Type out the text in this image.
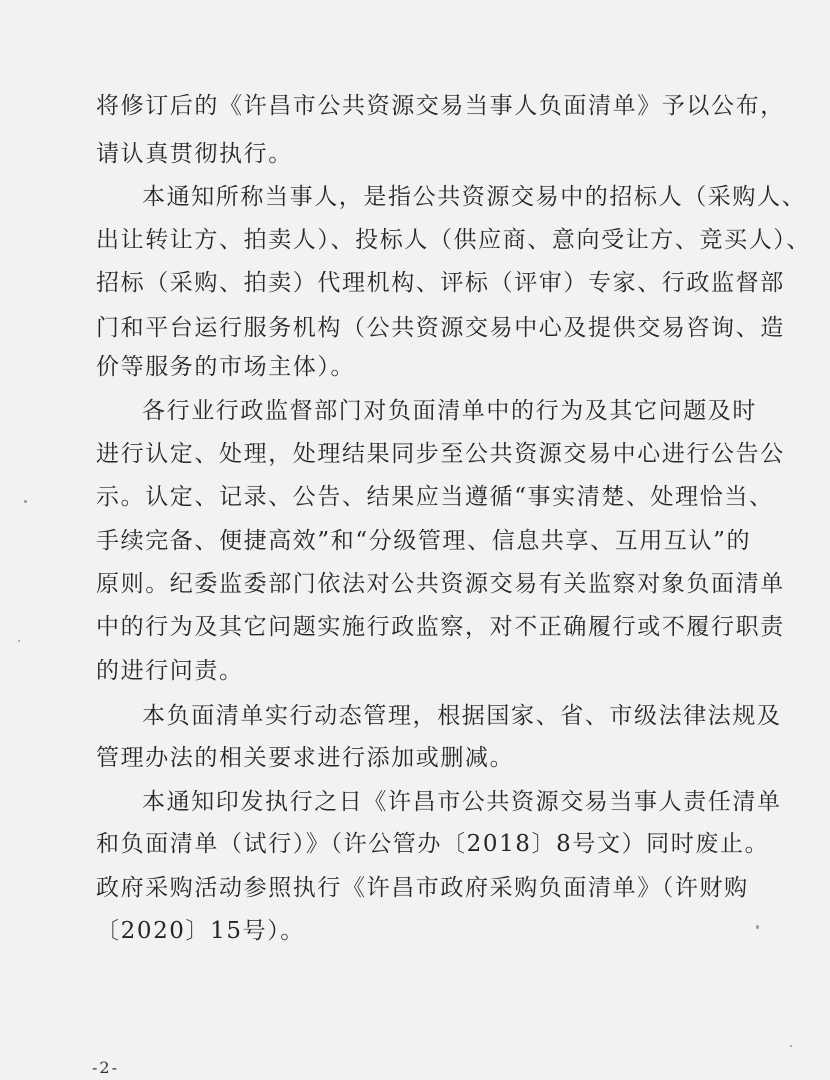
将修订后的《许昌市公共资源交易当事人负面清单》予以公布，
请认真贯彻执行。
本通知所称当事人，是指公共资源交易中的招标人（采购人、
出让转让方、拍卖人）、投标人（供应商、意向受让方、竞买人）、
招标（采购、拍卖）代理机构、评标（评审）专家、行政监督部
门和平台运行服务机构（公共资源交易中心及提供交易咨询、造
价等服务的市场主体）。
各行业行政监督部门对负面清单中的行为及其它问题及时
进行认定、处理，处理结果同步至公共资源交易中心进行公告公
示。认定、记录、公告、结果应当遵循“事实清楚、处理恰当、
手续完备、便捷高效”和“分级管理、信息共享、互用互认”的
原则。纪委监委部门依法对公共资源交易有关监察对象负面清单
中的行为及其它问题实施行政监察，对不正确履行或不履行职责
的进行问责。
本负面清单实行动态管理，根据国家、省、市级法律法规及
管理办法的相关要求进行添加或删减。
本通知印发执行之日《许昌市公共资源交易当事人责任清单
和负面清单（试行）》（许公管办〔2018〕8号文）同时废止。
政府采购活动参照执行《许昌市政府采购负面清单》（许财购
〔2020〕15号）。
-2-
